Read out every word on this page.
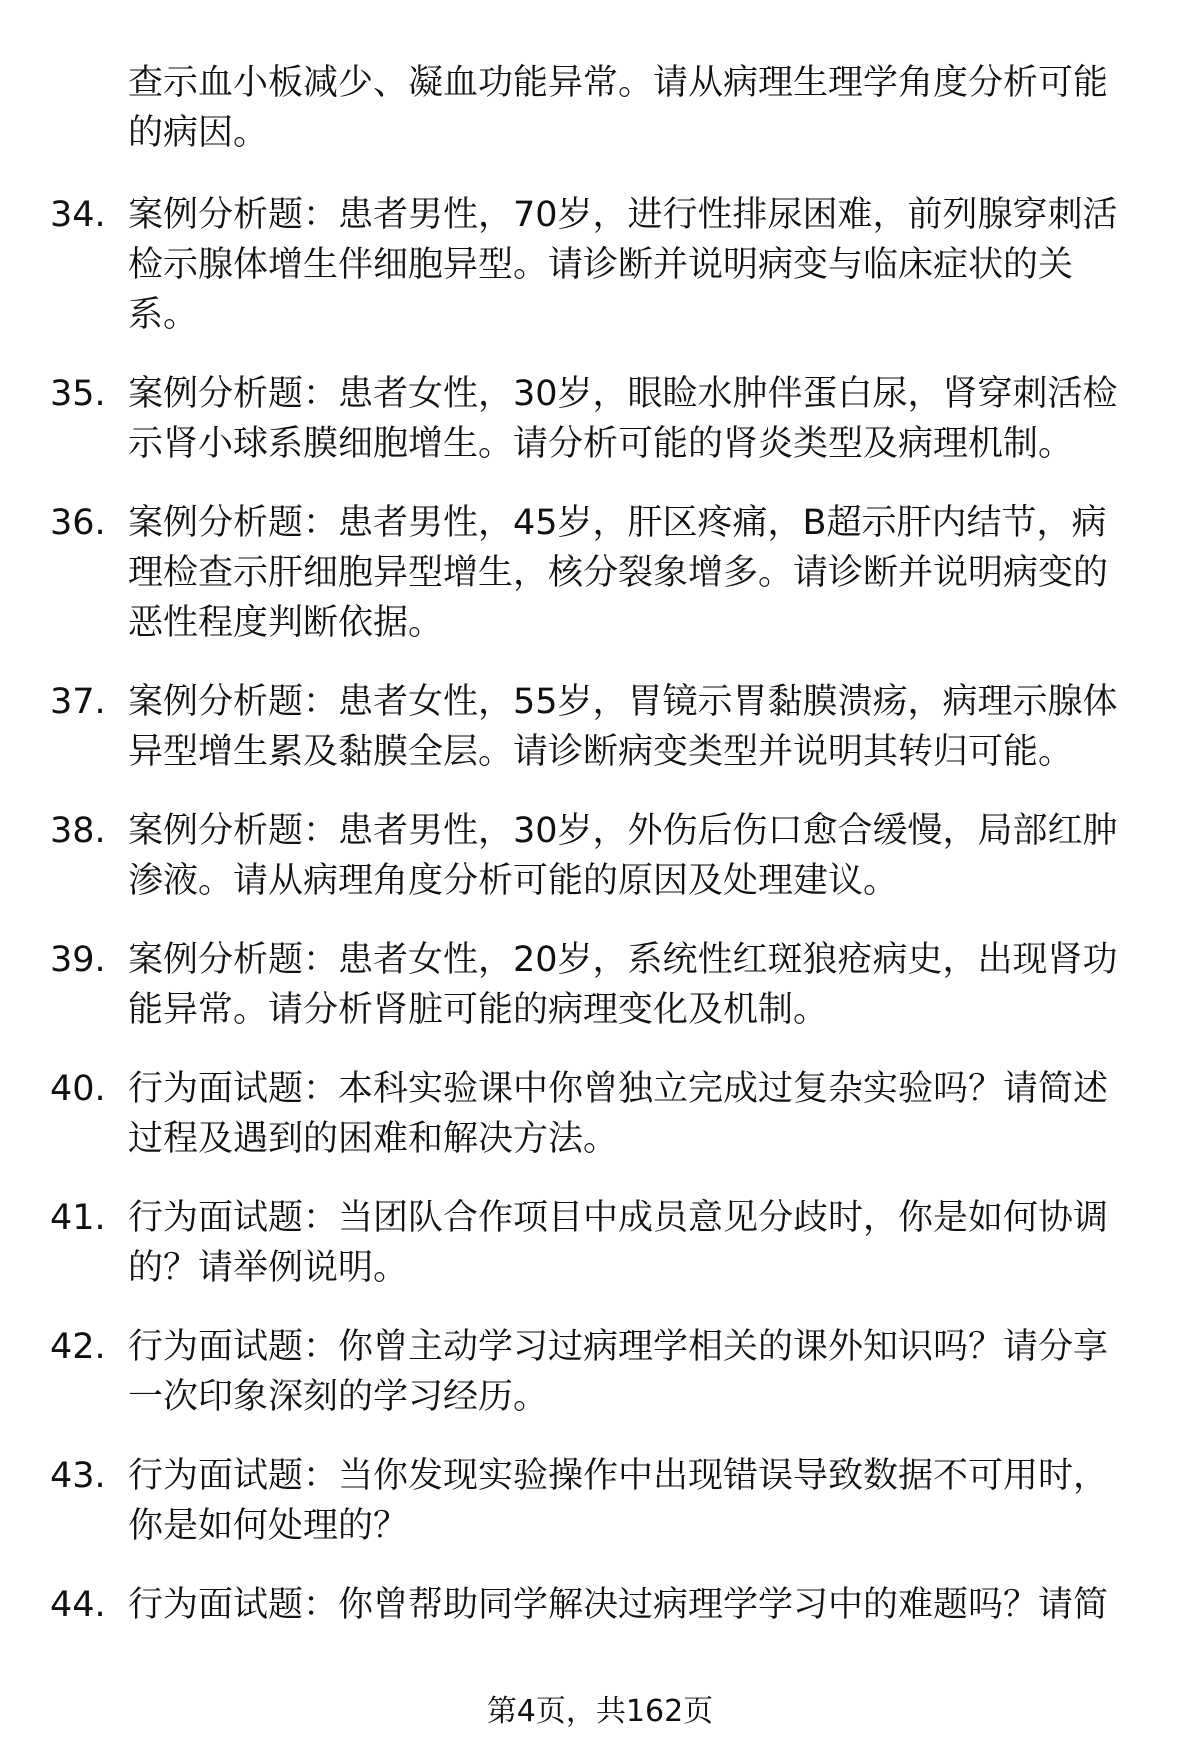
查示血小板减少、凝血功能异常。请从病理生理学角度分析可能的病因。
34. 案例分析题：患者男性，70岁，进行性排尿困难，前列腺穿刺活检示腺体增生伴细胞异型。请诊断并说明病变与临床症状的关系。
35. 案例分析题：患者女性，30岁，眼睑水肿伴蛋白尿，肾穿刺活检示肾小球系膜细胞增生。请分析可能的肾炎类型及病理机制。
36. 案例分析题：患者男性，45岁，肝区疼痛，B超示肝内结节，病理检查示肝细胞异型增生，核分裂象增多。请诊断并说明病变的恶性程度判断依据。
37. 案例分析题：患者女性，55岁，胃镜示胃黏膜溃疡，病理示腺体异型增生累及黏膜全层。请诊断病变类型并说明其转归可能。
38. 案例分析题：患者男性，30岁，外伤后伤口愈合缓慢，局部红肿渗液。请从病理角度分析可能的原因及处理建议。
39. 案例分析题：患者女性，20岁，系统性红斑狼疮病史，出现肾功能异常。请分析肾脏可能的病理变化及机制。
40. 行为面试题：本科实验课中你曾独立完成过复杂实验吗？请简述过程及遇到的困难和解决方法。
41. 行为面试题：当团队合作项目中成员意见分歧时，你是如何协调的？请举例说明。
42. 行为面试题：你曾主动学习过病理学相关的课外知识吗？请分享一次印象深刻的学习经历。
43. 行为面试题：当你发现实验操作中出现错误导致数据不可用时，你是如何处理的？
44. 行为面试题：你曾帮助同学解决过病理学学习中的难题吗？请简
第4页，共162页
